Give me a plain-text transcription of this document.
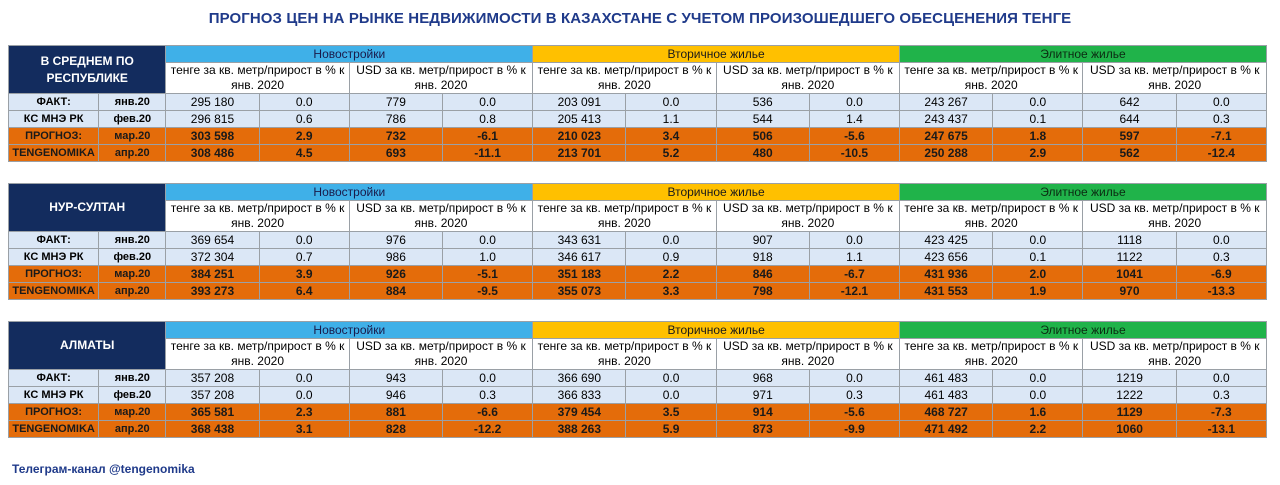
ПРОГНОЗ ЦЕН НА РЫНКЕ НЕДВИЖИМОСТИ В КАЗАХСТАНЕ С УЧЕТОМ ПРОИЗОШЕДШЕГО ОБЕСЦЕНЕНИЯ ТЕНГЕ
В СРЕДНЕМ ПО РЕСПУБЛИКЕ		Новостройки				Вторичное жилье				Элитное жилье			
		тенге за кв. метр/прирост в % к янв. 2020		USD за кв. метр/прирост в % к янв. 2020		тенге за кв. метр/прирост в % к янв. 2020		USD за кв. метр/прирост в % к янв. 2020		тенге за кв. метр/прирост в % к янв. 2020		USD за кв. метр/прирост в % к янв. 2020	

ФАКТ:	янв.20	295 180	0.0	779	0.0	203 091	0.0	536	0.0	243 267	0.0	642	0.0
КС МНЭ РК	фев.20	296 815	0.6	786	0.8	205 413	1.1	544	1.4	243 437	0.1	644	0.3
ПРОГНОЗ:	мар.20	303 598	2.9	732	-6.1	210 023	3.4	506	-5.6	247 675	1.8	597	-7.1
TENGENOMIKA	апр.20	308 486	4.5	693	-11.1	213 701	5.2	480	-10.5	250 288	2.9	562	-12.4
НУР-СУЛТАН		Новостройки				Вторичное жилье				Элитное жилье			
		тенге за кв. метр/прирост в % к янв. 2020		USD за кв. метр/прирост в % к янв. 2020		тенге за кв. метр/прирост в % к янв. 2020		USD за кв. метр/прирост в % к янв. 2020		тенге за кв. метр/прирост в % к янв. 2020		USD за кв. метр/прирост в % к янв. 2020	

ФАКТ:	янв.20	369 654	0.0	976	0.0	343 631	0.0	907	0.0	423 425	0.0	1118	0.0
КС МНЭ РК	фев.20	372 304	0.7	986	1.0	346 617	0.9	918	1.1	423 656	0.1	1122	0.3
ПРОГНОЗ:	мар.20	384 251	3.9	926	-5.1	351 183	2.2	846	-6.7	431 936	2.0	1041	-6.9
TENGENOMIKA	апр.20	393 273	6.4	884	-9.5	355 073	3.3	798	-12.1	431 553	1.9	970	-13.3
АЛМАТЫ		Новостройки				Вторичное жилье				Элитное жилье			
		тенге за кв. метр/прирост в % к янв. 2020		USD за кв. метр/прирост в % к янв. 2020		тенге за кв. метр/прирост в % к янв. 2020		USD за кв. метр/прирост в % к янв. 2020		тенге за кв. метр/прирост в % к янв. 2020		USD за кв. метр/прирост в % к янв. 2020	

ФАКТ:	янв.20	357 208	0.0	943	0.0	366 690	0.0	968	0.0	461 483	0.0	1219	0.0
КС МНЭ РК	фев.20	357 208	0.0	946	0.3	366 833	0.0	971	0.3	461 483	0.0	1222	0.3
ПРОГНОЗ:	мар.20	365 581	2.3	881	-6.6	379 454	3.5	914	-5.6	468 727	1.6	1129	-7.3
TENGENOMIKA	апр.20	368 438	3.1	828	-12.2	388 263	5.9	873	-9.9	471 492	2.2	1060	-13.1
Телеграм-канал @tengenomika
